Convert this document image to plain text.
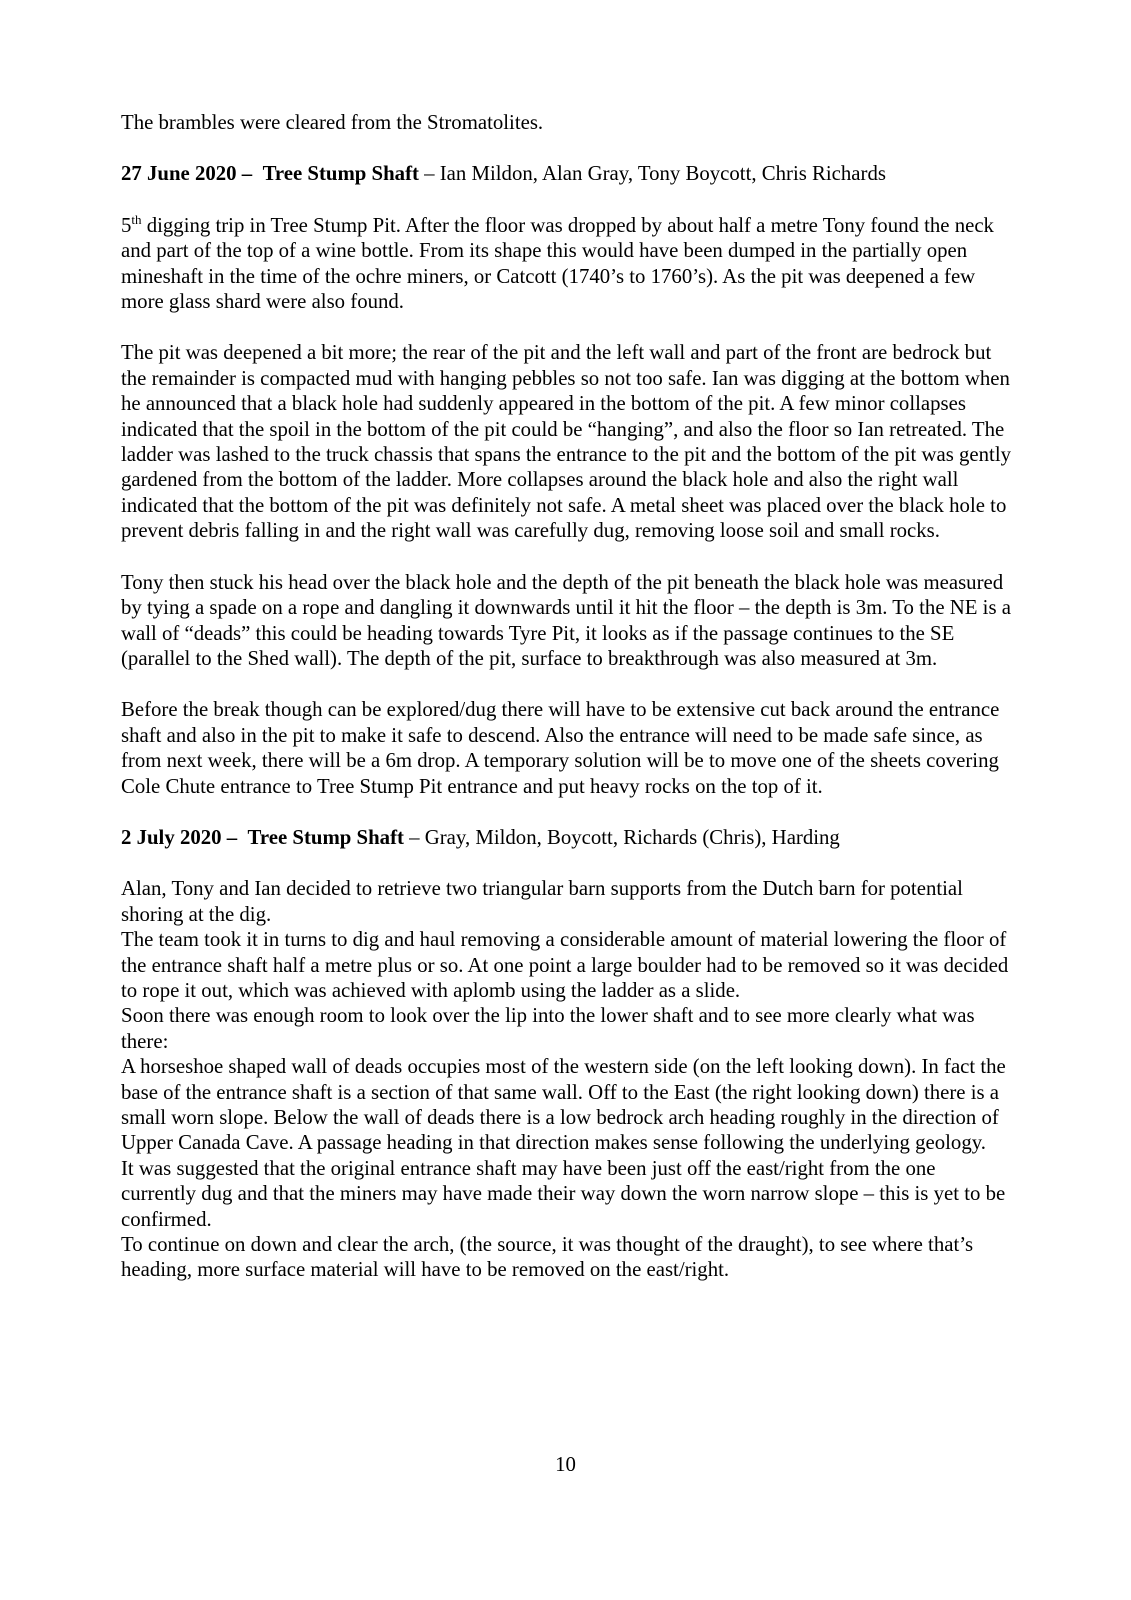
The brambles were cleared from the Stromatolites.

27 June 2020 – Tree Stump Shaft – Ian Mildon, Alan Gray, Tony Boycott, Chris Richards

5th digging trip in Tree Stump Pit. After the floor was dropped by about half a metre Tony found the neck and part of the top of a wine bottle. From its shape this would have been dumped in the partially open mineshaft in the time of the ochre miners, or Catcott (1740’s to 1760’s). As the pit was deepened a few more glass shard were also found.

The pit was deepened a bit more; the rear of the pit and the left wall and part of the front are bedrock but the remainder is compacted mud with hanging pebbles so not too safe. Ian was digging at the bottom when he announced that a black hole had suddenly appeared in the bottom of the pit. A few minor collapses indicated that the spoil in the bottom of the pit could be “hanging”, and also the floor so Ian retreated. The ladder was lashed to the truck chassis that spans the entrance to the pit and the bottom of the pit was gently gardened from the bottom of the ladder. More collapses around the black hole and also the right wall indicated that the bottom of the pit was definitely not safe. A metal sheet was placed over the black hole to prevent debris falling in and the right wall was carefully dug, removing loose soil and small rocks.

Tony then stuck his head over the black hole and the depth of the pit beneath the black hole was measured by tying a spade on a rope and dangling it downwards until it hit the floor – the depth is 3m. To the NE is a wall of “deads” this could be heading towards Tyre Pit, it looks as if the passage continues to the SE (parallel to the Shed wall). The depth of the pit, surface to breakthrough was also measured at 3m.

Before the break though can be explored/dug there will have to be extensive cut back around the entrance shaft and also in the pit to make it safe to descend. Also the entrance will need to be made safe since, as from next week, there will be a 6m drop. A temporary solution will be to move one of the sheets covering Cole Chute entrance to Tree Stump Pit entrance and put heavy rocks on the top of it.

2 July 2020 – Tree Stump Shaft – Gray, Mildon, Boycott, Richards (Chris), Harding

Alan, Tony and Ian decided to retrieve two triangular barn supports from the Dutch barn for potential shoring at the dig.

The team took it in turns to dig and haul removing a considerable amount of material lowering the floor of the entrance shaft half a metre plus or so. At one point a large boulder had to be removed so it was decided to rope it out, which was achieved with aplomb using the ladder as a slide.

Soon there was enough room to look over the lip into the lower shaft and to see more clearly what was there:

A horseshoe shaped wall of deads occupies most of the western side (on the left looking down). In fact the base of the entrance shaft is a section of that same wall. Off to the East (the right looking down) there is a small worn slope. Below the wall of deads there is a low bedrock arch heading roughly in the direction of Upper Canada Cave. A passage heading in that direction makes sense following the underlying geology.

It was suggested that the original entrance shaft may have been just off the east/right from the one currently dug and that the miners may have made their way down the worn narrow slope – this is yet to be confirmed.

To continue on down and clear the arch, (the source, it was thought of the draught), to see where that’s heading, more surface material will have to be removed on the east/right.

10
